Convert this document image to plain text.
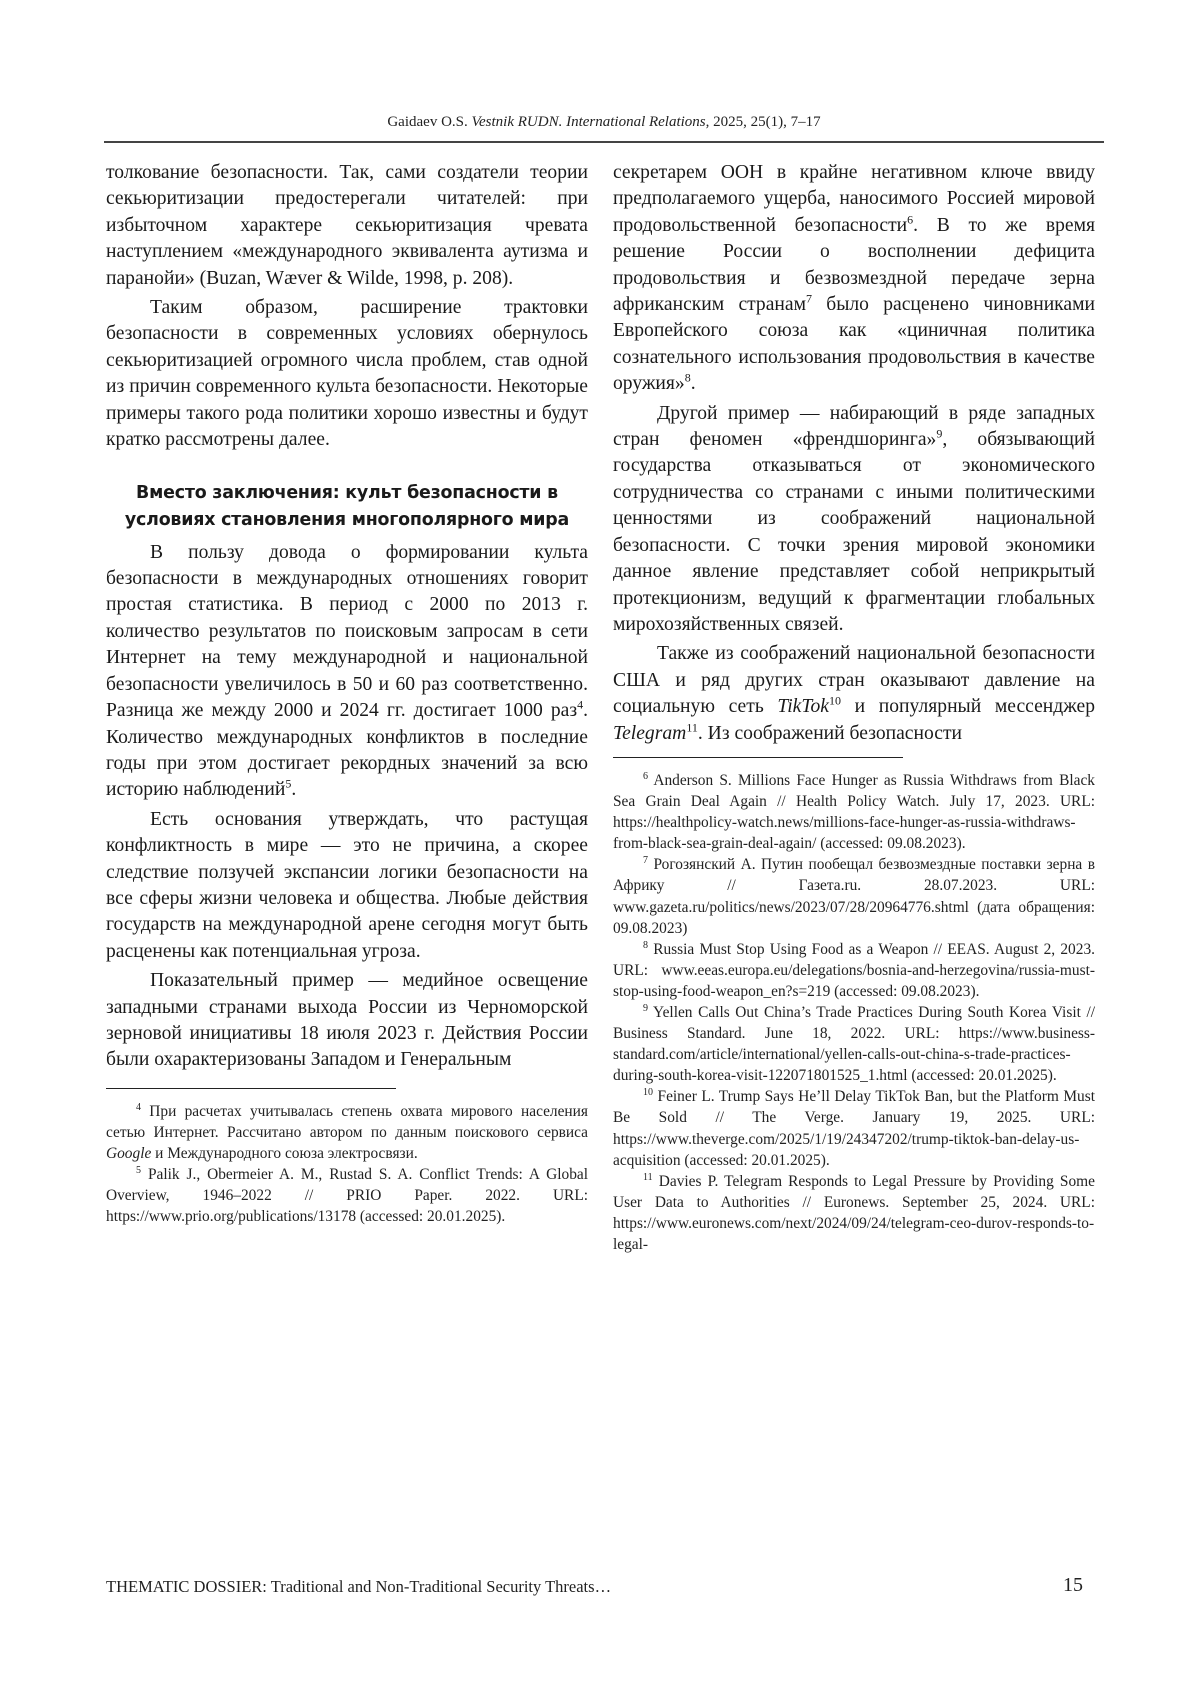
Gaidaev O.S. Vestnik RUDN. International Relations, 2025, 25(1), 7–17

толкование безопасности. Так, сами создатели теории секьюритизации предостерегали читателей: при избыточном характере секьюритизация чревата наступлением «международного эквивалента аутизма и паранойи» (Buzan, Wæver & Wilde, 1998, p. 208).

Таким образом, расширение трактовки безопасности в современных условиях обернулось секьюритизацией огромного числа проблем, став одной из причин современного культа безопасности. Некоторые примеры такого рода политики хорошо известны и будут кратко рассмотрены далее.

Вместо заключения: культ безопасности в условиях становления многополярного мира

В пользу довода о формировании культа безопасности в международных отношениях говорит простая статистика. В период с 2000 по 2013 г. количество результатов по поисковым запросам в сети Интернет на тему международной и национальной безопасности увеличилось в 50 и 60 раз соответственно. Разница же между 2000 и 2024 гг. достигает 1000 раз$^4$. Количество международных конфликтов в последние годы при этом достигает рекордных значений за всю историю наблюдений$^5$.

Есть основания утверждать, что растущая конфликтность в мире — это не причина, а скорее следствие ползучей экспансии логики безопасности на все сферы жизни человека и общества. Любые действия государств на международной арене сегодня могут быть расценены как потенциальная угроза.

Показательный пример — медийное освещение западными странами выхода России из Черноморской зерновой инициативы 18 июля 2023 г. Действия России были охарактеризованы Западом и Генеральным

$^4$ При расчетах учитывалась степень охвата мирового населения сетью Интернет. Рассчитано автором по данным поискового сервиса Google и Международного союза электросвязи.

$^5$ Palik J., Obermeier A. M., Rustad S. A. Conflict Trends: A Global Overview, 1946–2022 // PRIO Paper. 2022. URL: https://www.prio.org/publications/13178 (accessed: 20.01.2025).

секретарем ООН в крайне негативном ключе ввиду предполагаемого ущерба, наносимого Россией мировой продовольственной безопасности$^6$. В то же время решение России о восполнении дефицита продовольствия и безвозмездной передаче зерна африканским странам$^7$ было расценено чиновниками Европейского союза как «циничная политика сознательного использования продовольствия в качестве оружия»$^8$.

Другой пример — набирающий в ряде западных стран феномен «френдшоринга»$^9$, обязывающий государства отказываться от экономического сотрудничества со странами с иными политическими ценностями из соображений национальной безопасности. С точки зрения мировой экономики данное явление представляет собой неприкрытый протекционизм, ведущий к фрагментации глобальных мирохозяйственных связей.

Также из соображений национальной безопасности США и ряд других стран оказывают давление на социальную сеть TikTok$^{10}$ и популярный мессенджер Telegram$^{11}$. Из соображений безопасности

$^6$ Anderson S. Millions Face Hunger as Russia Withdraws from Black Sea Grain Deal Again // Health Policy Watch. July 17, 2023. URL: https://healthpolicy-watch.news/millions-face-hunger-as-russia-withdraws-from-black-sea-grain-deal-again/ (accessed: 09.08.2023).

$^7$ Рогозянский А. Путин пообещал безвозмездные поставки зерна в Африку // Газета.ru. 28.07.2023. URL: www.gazeta.ru/politics/news/2023/07/28/20964776.shtml (дата обращения: 09.08.2023)

$^8$ Russia Must Stop Using Food as a Weapon // EEAS. August 2, 2023. URL: www.eeas.europa.eu/delegations/bosnia-and-herzegovina/russia-must-stop-using-food-weapon_en?s=219 (accessed: 09.08.2023).

$^9$ Yellen Calls Out China’s Trade Practices During South Korea Visit // Business Standard. June 18, 2022. URL: https://www.business-standard.com/article/international/yellen-calls-out-china-s-trade-practices-during-south-korea-visit-122071801525_1.html (accessed: 20.01.2025).

$^{10}$ Feiner L. Trump Says He’ll Delay TikTok Ban, but the Platform Must Be Sold // The Verge. January 19, 2025. URL: https://www.theverge.com/2025/1/19/24347202/trump-tiktok-ban-delay-us-acquisition (accessed: 20.01.2025).

$^{11}$ Davies P. Telegram Responds to Legal Pressure by Providing Some User Data to Authorities // Euronews. September 25, 2024. URL: https://www.euronews.com/next/2024/09/24/telegram-ceo-durov-responds-to-legal-

THEMATIC DOSSIER: Traditional and Non-Traditional Security Threats…	15
